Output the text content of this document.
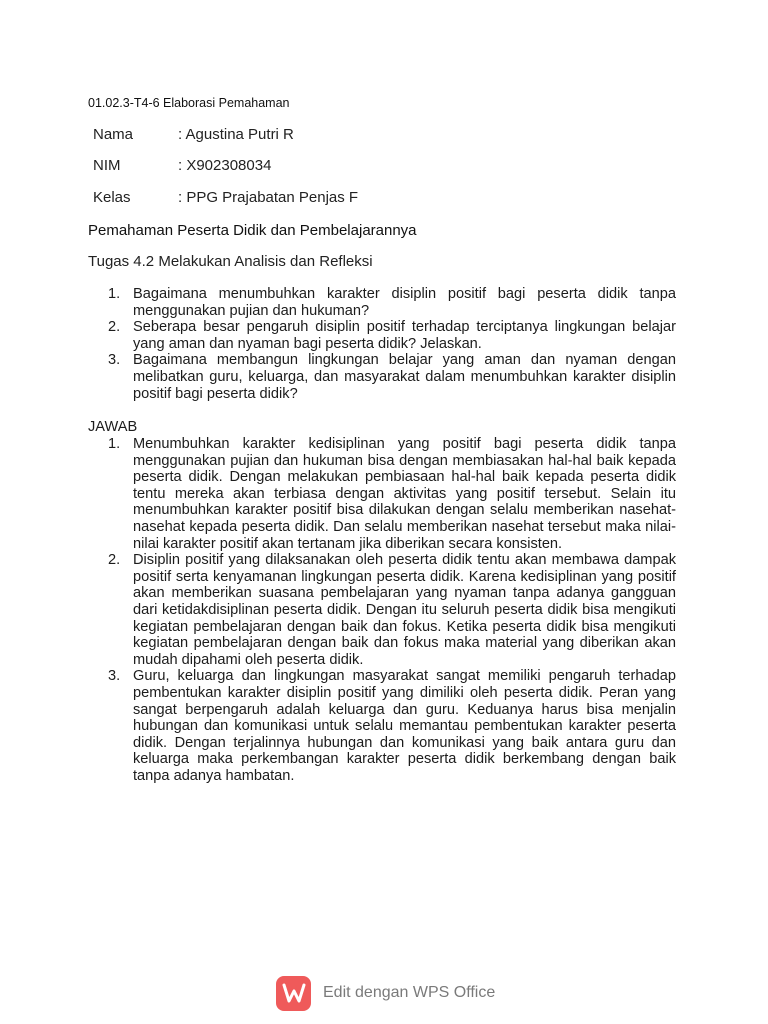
01.02.3-T4-6 Elaborasi Pemahaman
Nama	: Agustina Putri R
NIM	: X902308034
Kelas	: PPG Prajabatan Penjas F
Pemahaman Peserta Didik dan Pembelajarannya
Tugas 4.2 Melakukan Analisis dan Refleksi
1. Bagaimana menumbuhkan karakter disiplin positif bagi peserta didik tanpa menggunakan pujian dan hukuman?
2. Seberapa besar pengaruh disiplin positif terhadap terciptanya lingkungan belajar yang aman dan nyaman bagi peserta didik? Jelaskan.
3. Bagaimana membangun lingkungan belajar yang aman dan nyaman dengan melibatkan guru, keluarga, dan masyarakat dalam menumbuhkan karakter disiplin positif bagi peserta didik?
JAWAB
1. Menumbuhkan karakter kedisiplinan yang positif bagi peserta didik tanpa menggunakan pujian dan hukuman bisa dengan membiasakan hal-hal baik kepada peserta didik. Dengan melakukan pembiasaan hal-hal baik kepada peserta didik tentu mereka akan terbiasa dengan aktivitas yang positif tersebut. Selain itu menumbuhkan karakter positif bisa dilakukan dengan selalu memberikan nasehat-nasehat kepada peserta didik. Dan selalu memberikan nasehat tersebut maka nilai-nilai karakter positif akan tertanam jika diberikan secara konsisten.
2. Disiplin positif yang dilaksanakan oleh peserta didik tentu akan membawa dampak positif serta kenyamanan lingkungan peserta didik. Karena kedisiplinan yang positif akan memberikan suasana pembelajaran yang nyaman tanpa adanya gangguan dari ketidakdisiplinan peserta didik. Dengan itu seluruh peserta didik bisa mengikuti kegiatan pembelajaran dengan baik dan fokus. Ketika peserta didik bisa mengikuti kegiatan pembelajaran dengan baik dan fokus maka material yang diberikan akan mudah dipahami oleh peserta didik.
3. Guru, keluarga dan lingkungan masyarakat sangat memiliki pengaruh terhadap pembentukan karakter disiplin positif yang dimiliki oleh peserta didik. Peran yang sangat berpengaruh adalah keluarga dan guru. Keduanya harus bisa menjalin hubungan dan komunikasi untuk selalu memantau pembentukan karakter peserta didik. Dengan terjalinnya hubungan dan komunikasi yang baik antara guru dan keluarga maka perkembangan karakter peserta didik berkembang dengan baik tanpa adanya hambatan.
Edit dengan WPS Office
